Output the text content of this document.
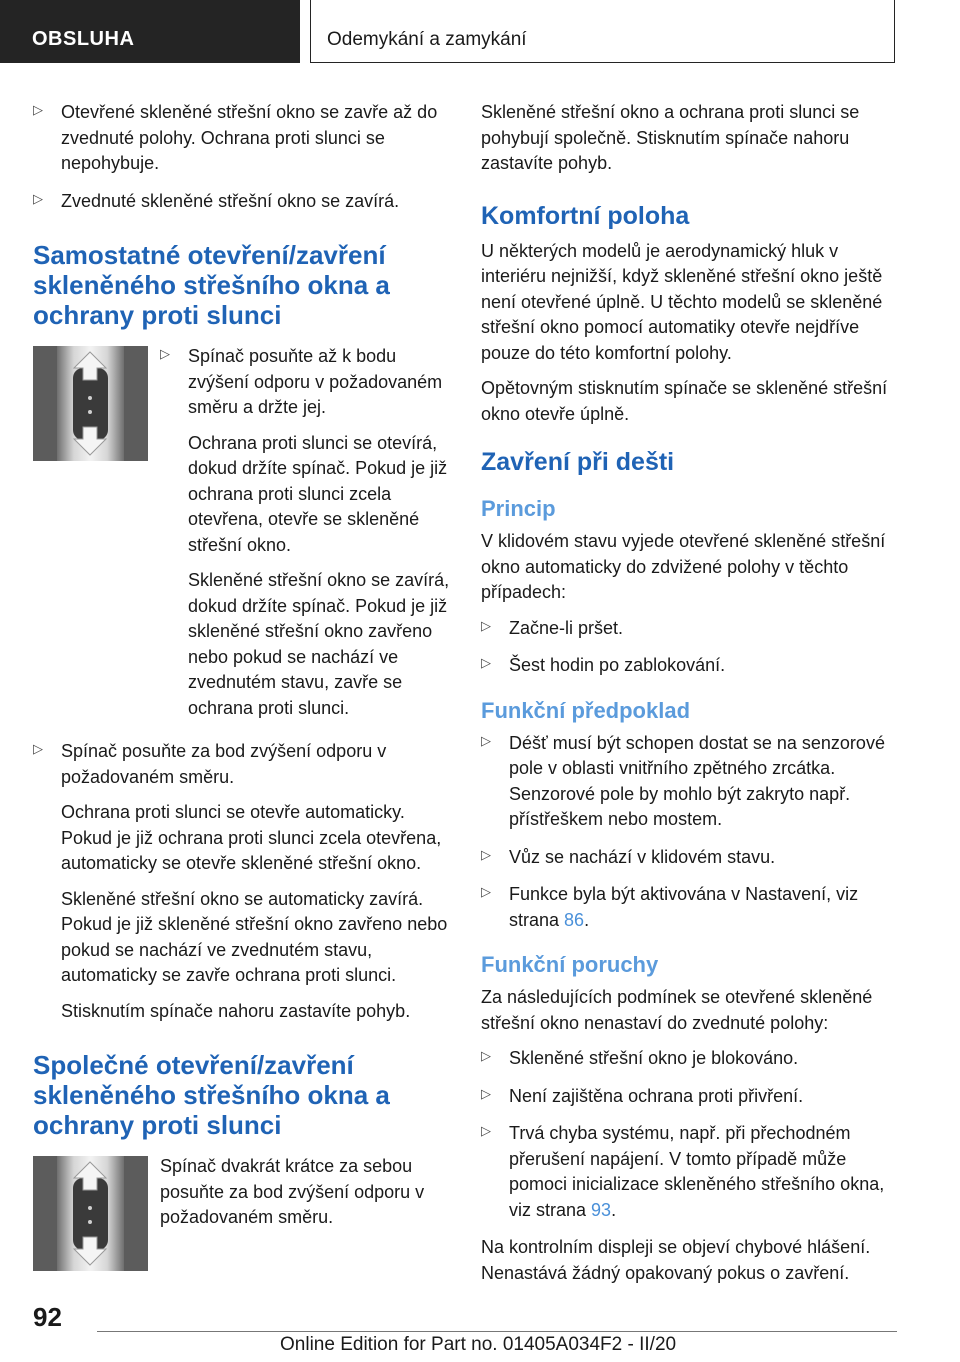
OBSLUHA	Odemykání a zamykání
▷ Otevřené skleněné střešní okno se zavře až do zvednuté polohy. Ochrana proti slunci se nepohybuje.

▷ Zvednuté skleněné střešní okno se zavírá.

Samostatné otevření/zavření skleněného střešního okna a ochrany proti slunci
▷ Spínač posuňte až k bodu zvýšení odporu v požadovaném směru a držte jej.

Ochrana proti slunci se otevírá, dokud držíte spínač. Pokud je již ochrana proti slunci zcela otevřena, otevře se skleněné střešní okno.

Skleněné střešní okno se zavírá, dokud držíte spínač. Pokud je již skleněné střešní okno zavřeno nebo pokud se nachází ve zvednutém stavu, zavře se ochrana proti slunci.

▷ Spínač posuňte za bod zvýšení odporu v požadovaném směru.

Ochrana proti slunci se otevře automaticky. Pokud je již ochrana proti slunci zcela otevřena, automaticky se otevře skleněné střešní okno.

Skleněné střešní okno se automaticky zavírá. Pokud je již skleněné střešní okno zavřeno nebo pokud se nachází ve zvednutém stavu, automaticky se zavře ochrana proti slunci.

Stisknutím spínače nahoru zastavíte pohyb.

Společné otevření/zavření skleněného střešního okna a ochrany proti slunci

Spínač dvakrát krátce za sebou posuňte za bod zvýšení odporu v požadovaném směru.

Skleněné střešní okno a ochrana proti slunci se pohybují společně. Stisknutím spínače nahoru zastavíte pohyb.

Komfortní poloha

U některých modelů je aerodynamický hluk v interiéru nejnižší, když skleněné střešní okno ještě není otevřené úplně. U těchto modelů se skleněné střešní okno pomocí automatiky otevře nejdříve pouze do této komfortní polohy.

Opětovným stisknutím spínače se skleněné střešní okno otevře úplně.

Zavření při dešti
Princip

V klidovém stavu vyjede otevřené skleněné střešní okno automaticky do zdvižené polohy v těchto případech:

▷ Začne-li pršet.

▷ Šest hodin po zablokování.

Funkční předpoklad
▷ Déšť musí být schopen dostat se na senzorové pole v oblasti vnitřního zpětného zrcátka. Senzorové pole by mohlo být zakryto např. přístřeškem nebo mostem.

▷ Vůz se nachází v klidovém stavu.

▷ Funkce byla být aktivována v Nastavení, viz strana 86.

Funkční poruchy

Za následujících podmínek se otevřené skleněné střešní okno nenastaví do zvednuté polohy:

▷ Skleněné střešní okno je blokováno.

▷ Není zajištěna ochrana proti přivření.

▷ Trvá chyba systému, např. při přechodném přerušení napájení. V tomto případě může pomoci inicializace skleněného střešního okna, viz strana 93.

Na kontrolním displeji se objeví chybové hlášení. Nenastává žádný opakovaný pokus o zavření.

92
Online Edition for Part no. 01405A034F2 - II/20
